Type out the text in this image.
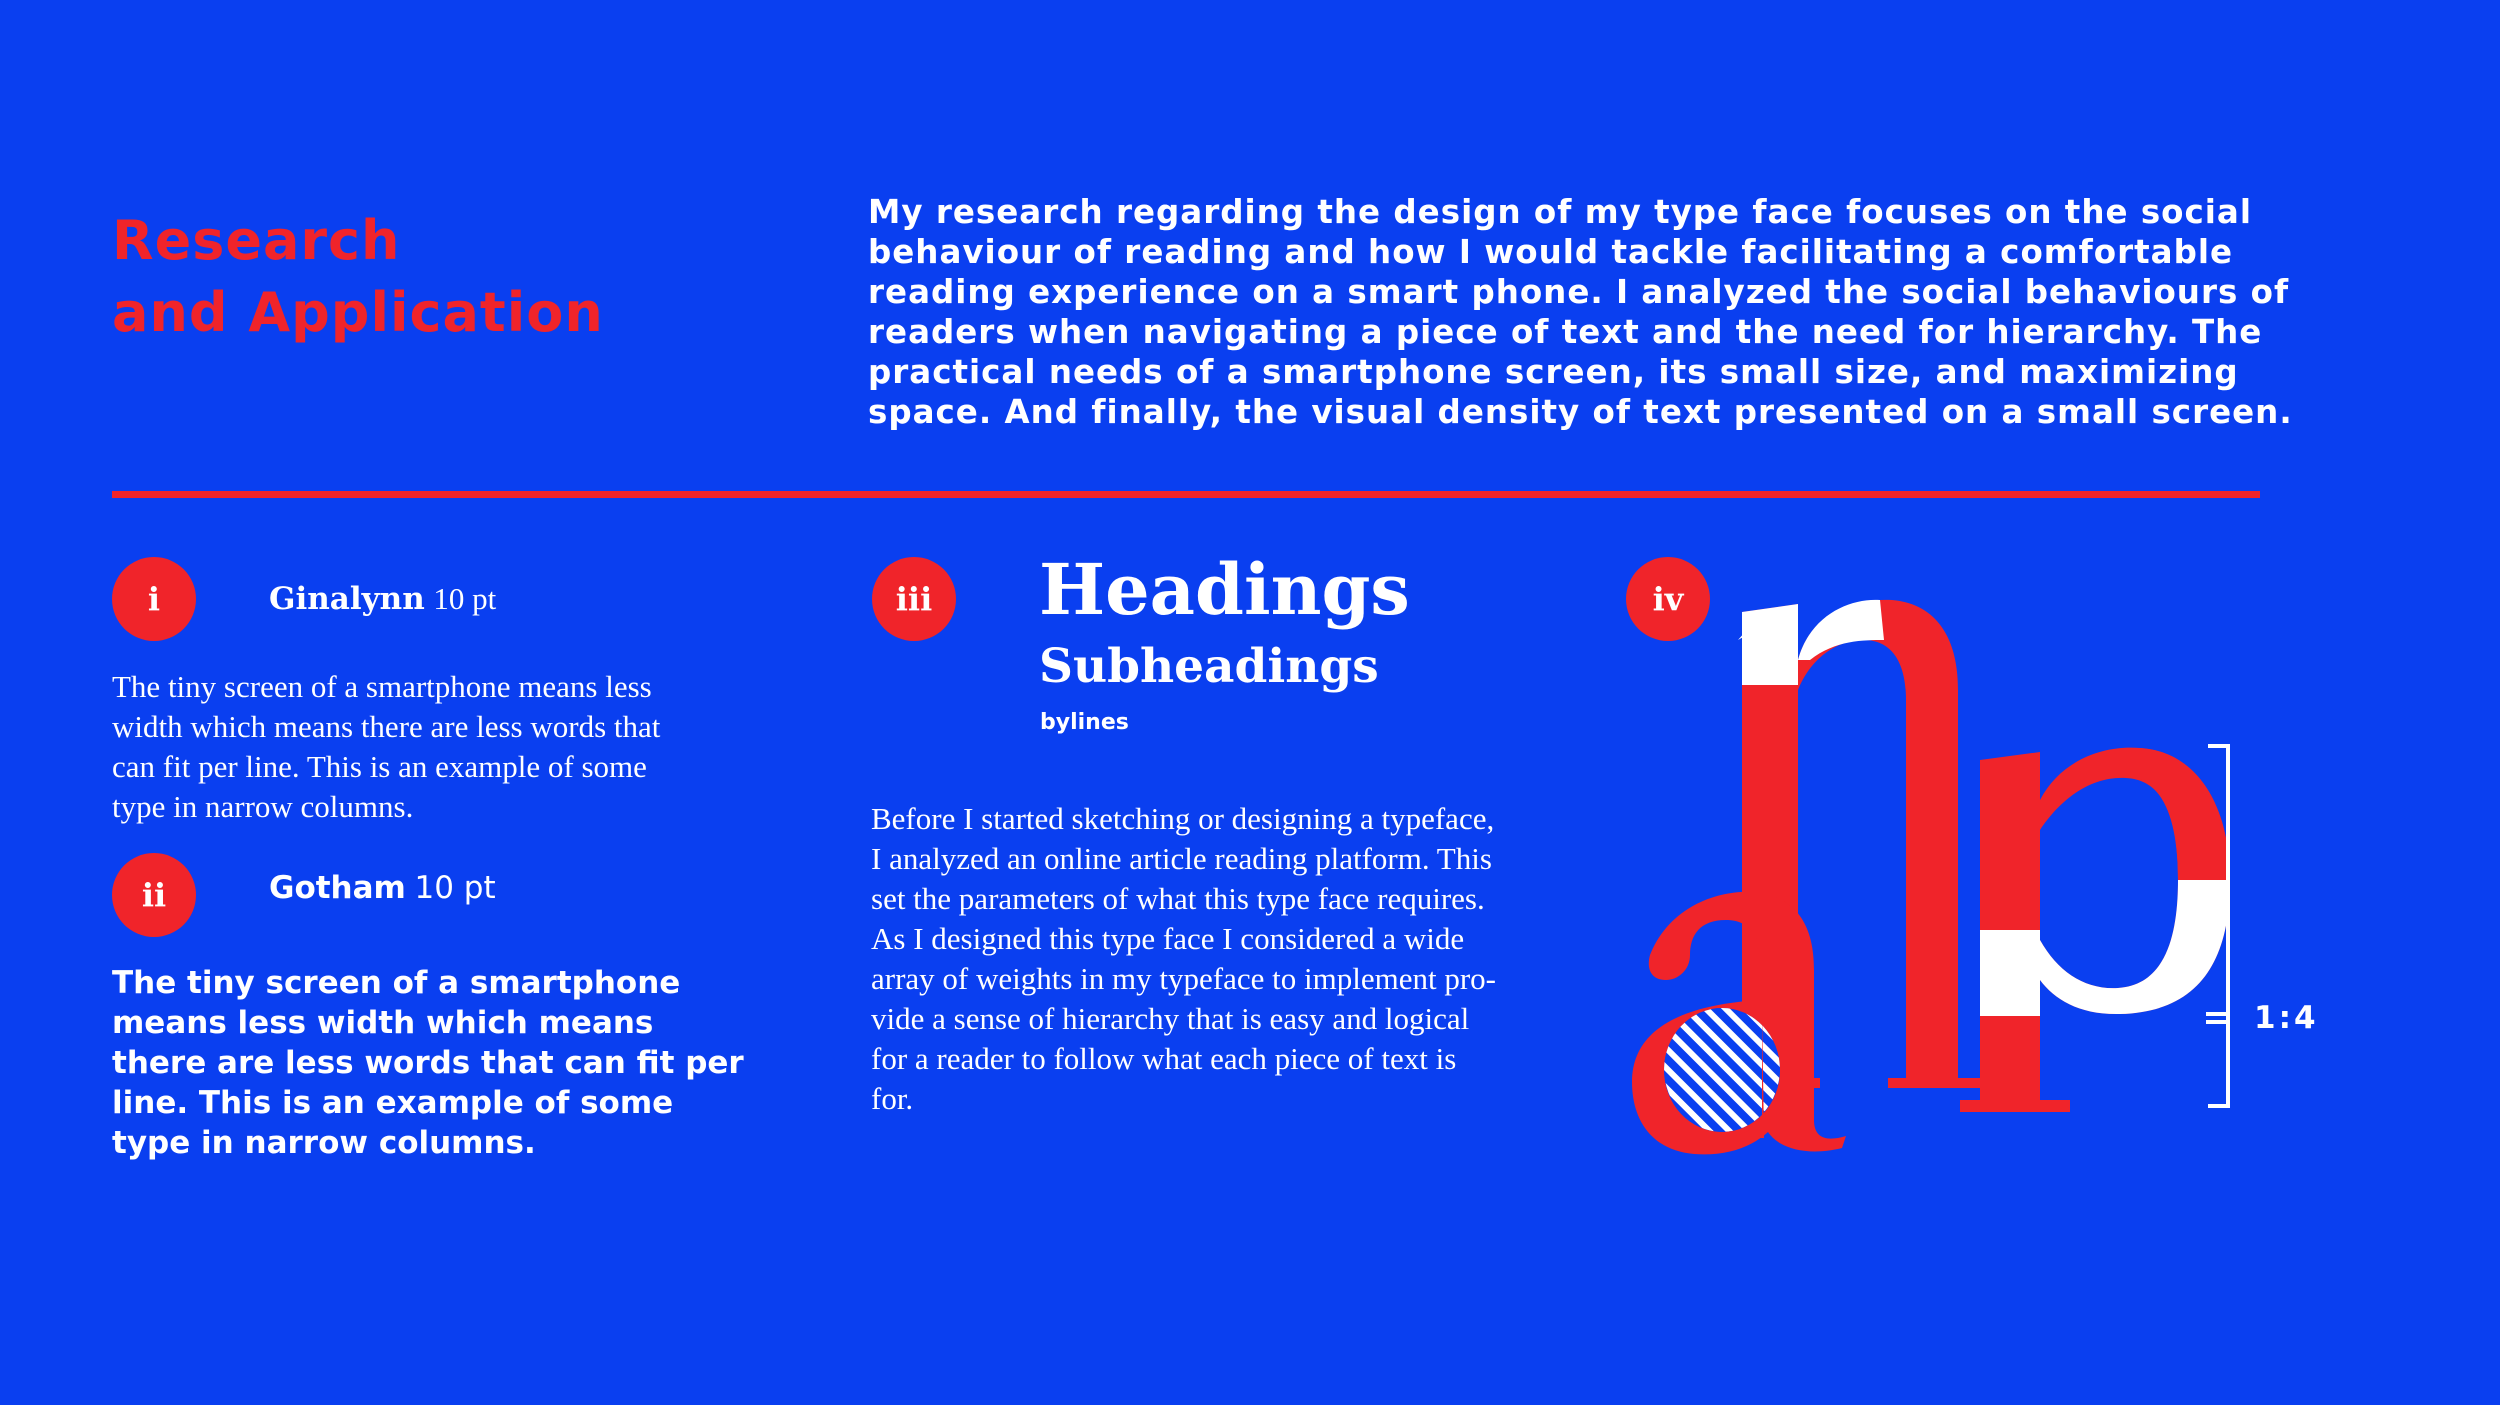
Research
and Application

My research regarding the design of my type face focuses on the social behaviour of reading and how I would tackle facilitating a comfortable reading experience on a smart phone. I analyzed the social behaviours of readers when navigating a piece of text and the need for hierarchy. The practical needs of a smartphone screen, its small size, and maximizing space. And finally, the visual density of text presented on a small screen.

i	Ginalynn 10 pt

The tiny screen of a smartphone means less width which means there are less words that can fit per line. This is an example of some type in narrow columns.

ii	Gotham 10 pt

The tiny screen of a smartphone means less width which means there are less words that can fit per line. This is an example of some type in narrow columns.

iii	Headings
Subheadings
bylines

Before I started sketching or designing a typeface, I analyzed an online article reading platform. This set the parameters of what this type face requires. As I designed this type face I considered a wide array of weights in my typeface to implement pro-vide a sense of hierarchy that is easy and logical for a reader to follow what each piece of text is for.

iv
1:4
